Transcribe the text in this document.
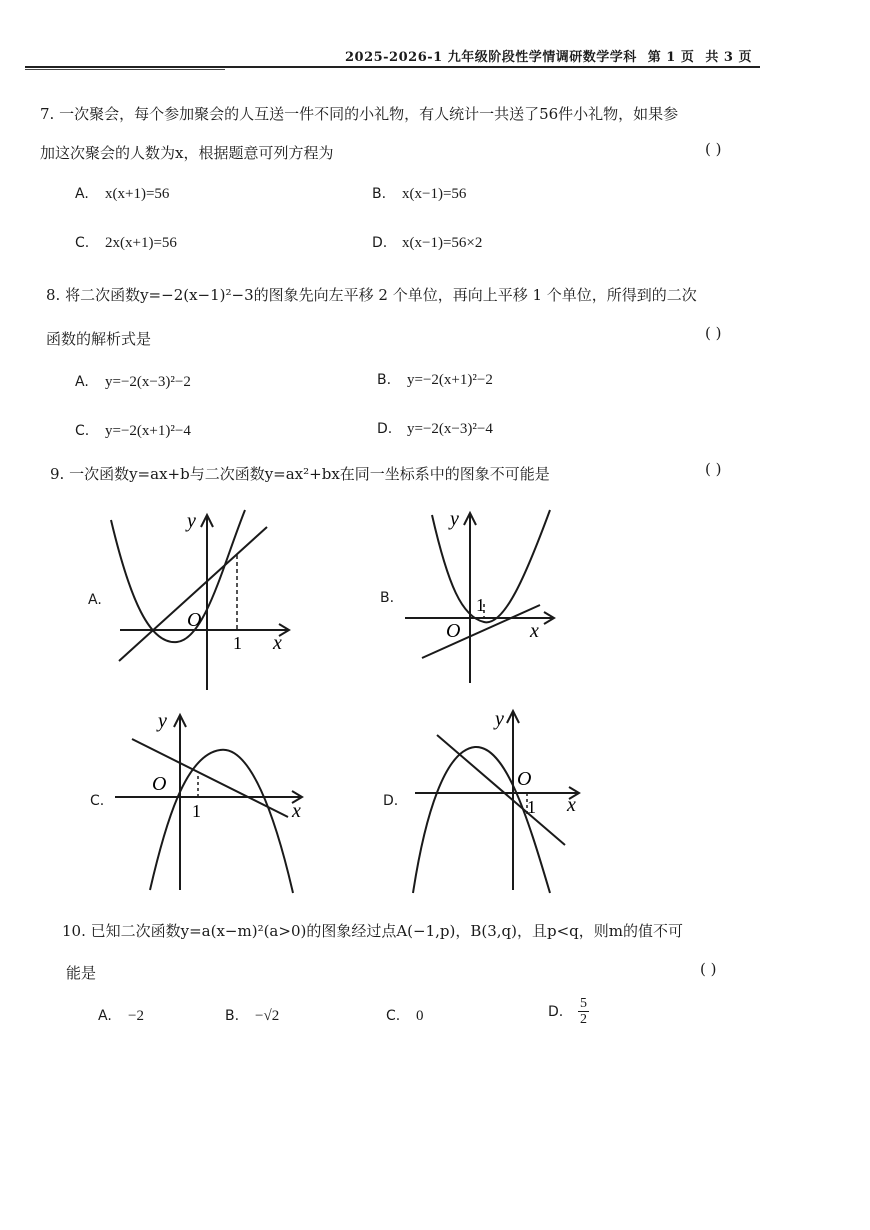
2025-2026-1 九年级阶段性学情调研数学学科 第 1 页 共 3 页
7. 一次聚会，每个参加聚会的人互送一件不同的小礼物，有人统计一共送了56件小礼物，如果参
加这次聚会的人数为x，根据题意可列方程为	( )
A. x(x+1)=56	B. x(x−1)=56
C. 2x(x+1)=56	D. x(x−1)=56×2
8. 将二次函数y=−2(x−1)²−3的图象先向左平移 2 个单位，再向上平移 1 个单位，所得到的二次
函数的解析式是	( )
A. y=−2(x−3)²−2	B. y=−2(x+1)²−2
C. y=−2(x+1)²−4	D. y=−2(x−3)²−4
9. 一次函数y=ax+b与二次函数y=ax²+bx在同一坐标系中的图象不可能是	( )
A.
O
1 x
y
B.
O
1
x
y
C.
O
1	x
y
D.
O
1 x
y
10. 已知二次函数y=a(x−m)²(a>0)的图象经过点A(−1,p)，B(3,q)，且p<q，则m的值不可
能是	( )
A. −2	B. −√2	C. 0	D. $\frac{5}{2}$
